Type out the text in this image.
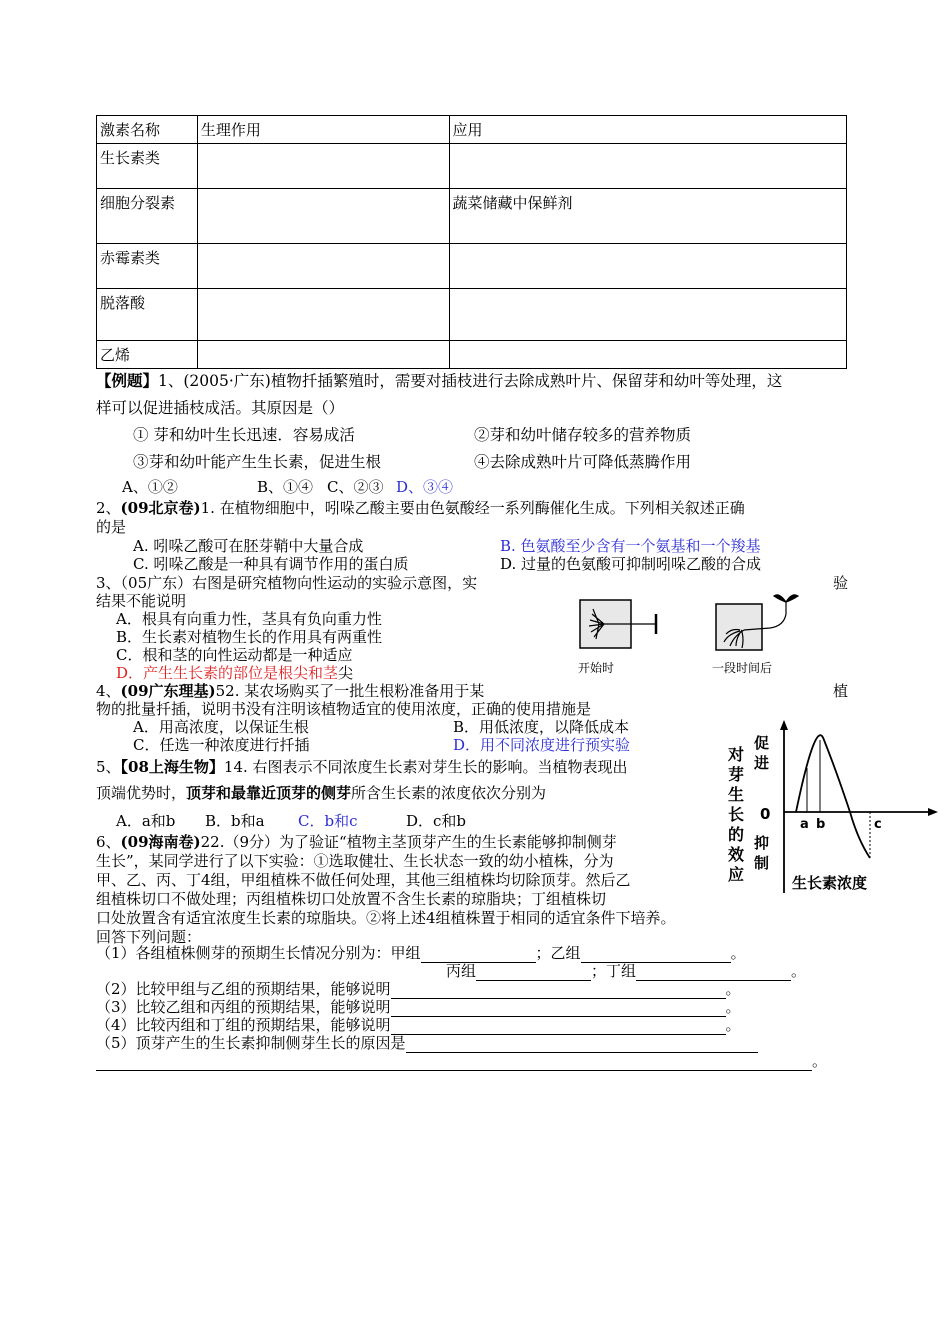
激素名称	生理作用	应用
生长素类		
细胞分裂素		蔬菜储藏中保鲜剂
赤霉素类		
脱落酸		
乙烯		
【例题】1、(2005·广东)植物扦插繁殖时，需要对插枝进行去除成熟叶片、保留芽和幼叶等处理，这
样可以促进插枝成活。其原因是（）
① 芽和幼叶生长迅速．容易成活	②芽和幼叶储存较多的营养物质
③芽和幼叶能产生生长素，促进生根	④去除成熟叶片可降低蒸腾作用
A、①②	B、①④ C、②③ D、③④
2、(09北京卷)1. 在植物细胞中，吲哚乙酸主要由色氨酸经一系列酶催化生成。下列相关叙述正确
的是
A. 吲哚乙酸可在胚芽鞘中大量合成	B. 色氨酸至少含有一个氨基和一个羧基
C. 吲哚乙酸是一种具有调节作用的蛋白质	D. 过量的色氨酸可抑制吲哚乙酸的合成
3、（05广东）右图是研究植物向性运动的实验示意图，实	验
结果不能说明
A．根具有向重力性，茎具有负向重力性
B．生长素对植物生长的作用具有两重性
C．根和茎的向性运动都是一种适应
D．产生生长素的部位是根尖和茎尖	开始时	一段时间后
4、(09广东理基)52. 某农场购买了一批生根粉准备用于某	植
物的批量扦插，说明书没有注明该植物适宜的使用浓度，正确的使用措施是
A．用高浓度，以保证生根	B．用低浓度，以降低成本
C．任选一种浓度进行扦插	D．用不同浓度进行预实验
5、【08上海生物】14. 右图表示不同浓度生长素对芽生长的影响。当植物表现出
顶端优势时，顶芽和最靠近顶芽的侧芽所含生长素的浓度依次分别为
A．a和b B．b和a C．b和c	D．c和b
促
进
0
抑
制
对
芽
生
长
的
效
应
a b	c
生长素浓度
6、(09海南卷)22.（9分）为了验证“植物主茎顶芽产生的生长素能够抑制侧芽
生长”，某同学进行了以下实验：①选取健壮、生长状态一致的幼小植株，分为
甲、乙、丙、丁4组，甲组植株不做任何处理，其他三组植株均切除顶芽。然后乙
组植株切口不做处理；丙组植株切口处放置不含生长素的琼脂块；丁组植株切
口处放置含有适宜浓度生长素的琼脂块。②将上述4组植株置于相同的适宜条件下培养。
回答下列问题：
（1）各组植株侧芽的预期生长情况分别为：甲组	；乙组	。
丙组	；丁组	。
（2）比较甲组与乙组的预期结果，能够说明	。
（3）比较乙组和丙组的预期结果，能够说明	。
（4）比较丙组和丁组的预期结果，能够说明	。
（5）顶芽产生的生长素抑制侧芽生长的原因是
。
